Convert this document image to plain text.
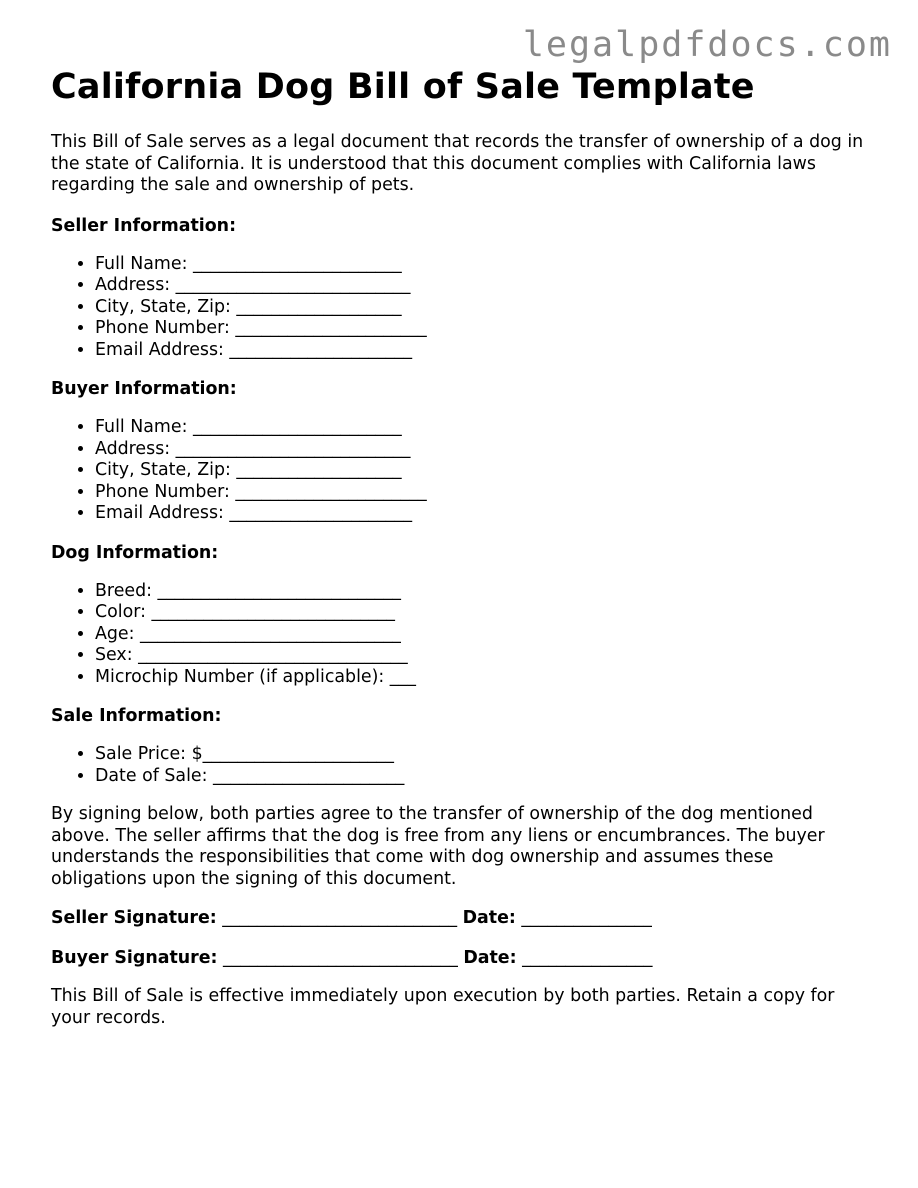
legalpdfdocs.com
California Dog Bill of Sale Template

This Bill of Sale serves as a legal document that records the transfer of ownership of a dog in the state of California. It is understood that this document complies with California laws regarding the sale and ownership of pets.

Seller Information:
• Full Name: ________________________
• Address: ___________________________
• City, State, Zip: ___________________
• Phone Number: ______________________
• Email Address: _____________________
Buyer Information:
• Full Name: ________________________
• Address: ___________________________
• City, State, Zip: ___________________
• Phone Number: ______________________
• Email Address: _____________________
Dog Information:
• Breed: ____________________________
• Color: ____________________________
• Age: ______________________________
• Sex: _______________________________
• Microchip Number (if applicable): ___
Sale Information:
• Sale Price: $______________________
• Date of Sale: ______________________

By signing below, both parties agree to the transfer of ownership of the dog mentioned above. The seller affirms that the dog is free from any liens or encumbrances. The buyer understands the responsibilities that come with dog ownership and assumes these obligations upon the signing of this document.

Seller Signature: ___________________________ Date: _______________
Buyer Signature: ___________________________ Date: _______________

This Bill of Sale is effective immediately upon execution by both parties. Retain a copy for your records.
